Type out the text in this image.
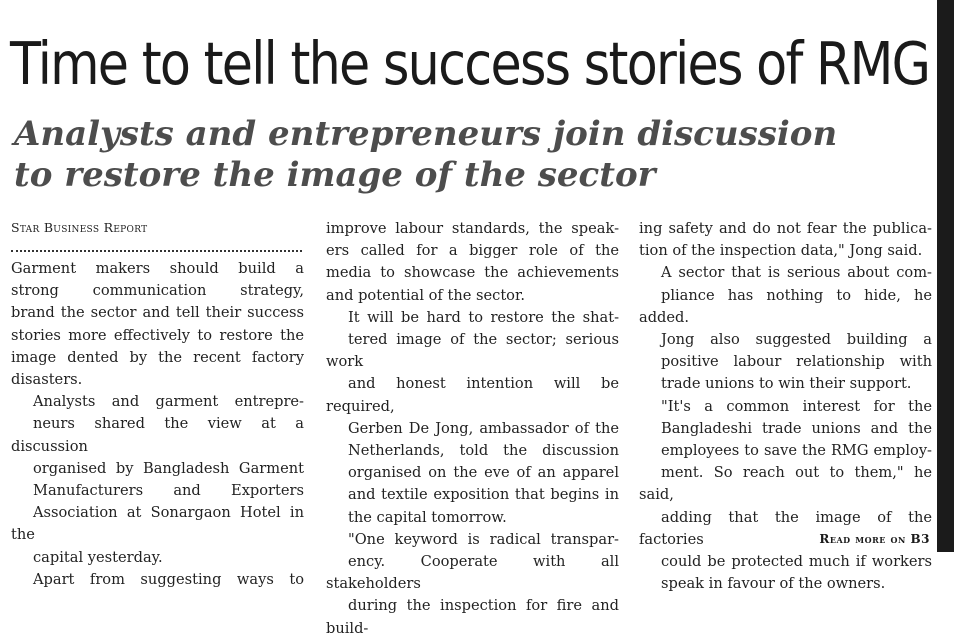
Time to tell the success stories of RMG
Analysts and entrepreneurs join discussion
to restore the image of the sector
Star Business Report

Garment makers should build a
strong communication strategy,
brand the sector and tell their success
stories more effectively to restore the
image dented by the recent factory
disasters.

Analysts and garment entrepre-
neurs shared the view at a discussion
organised by Bangladesh Garment
Manufacturers and Exporters
Association at Sonargaon Hotel in the
capital yesterday.

Apart from suggesting ways to

improve labour standards, the speak-
ers called for a bigger role of the
media to showcase the achievements
and potential of the sector.

It will be hard to restore the shat-
tered image of the sector; serious work
and honest intention will be required,
Gerben De Jong, ambassador of the
Netherlands, told the discussion
organised on the eve of an apparel
and textile exposition that begins in
the capital tomorrow.

"One keyword is radical transpar-
ency. Cooperate with all stakeholders
during the inspection for fire and build-

ing safety and do not fear the publica-
tion of the inspection data," Jong said.

A sector that is serious about com-
pliance has nothing to hide, he added.

Jong also suggested building a
positive labour relationship with
trade unions to win their support.

"It's a common interest for the
Bangladeshi trade unions and the
employees to save the RMG employ-
ment. So reach out to them," he said,
adding that the image of the factories
could be protected much if workers
speak in favour of the owners.

Read more on B3
